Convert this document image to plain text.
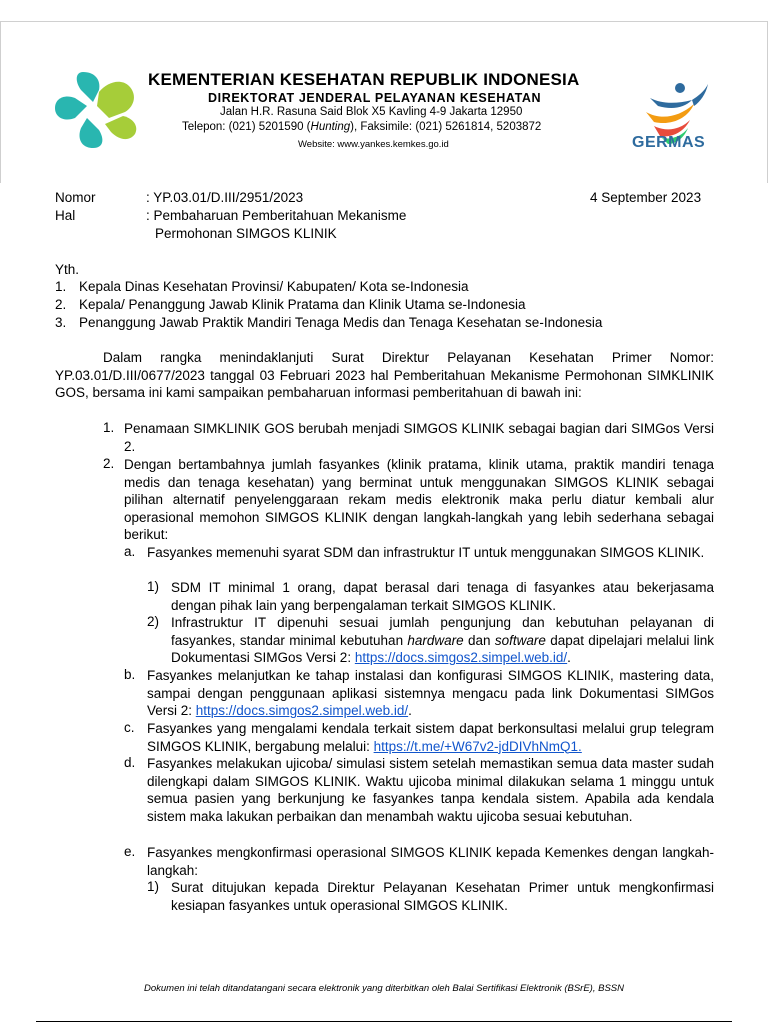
KEMENTERIAN KESEHATAN REPUBLIK INDONESIA
DIREKTORAT JENDERAL PELAYANAN KESEHATAN
Jalan H.R. Rasuna Said Blok X5 Kavling 4-9 Jakarta 12950
Telepon: (021) 5201590 (Hunting), Faksimile: (021) 5261814, 5203872
Website: www.yankes.kemkes.go.id	GERMAS
Nomor	: YP.03.01/D.III/2951/2023	4 September 2023
Hal	: Pembaharuan Pemberitahuan Mekanisme
Permohonan SIMGOS KLINIK
Yth.
1. Kepala Dinas Kesehatan Provinsi/ Kabupaten/ Kota se-Indonesia
2. Kepala/ Penanggung Jawab Klinik Pratama dan Klinik Utama se-Indonesia
3. Penanggung Jawab Praktik Mandiri Tenaga Medis dan Tenaga Kesehatan se-Indonesia
Dalam rangka menindaklanjuti Surat Direktur Pelayanan Kesehatan Primer Nomor: YP.03.01/D.III/0677/2023 tanggal 03 Februari 2023 hal Pemberitahuan Mekanisme Permohonan SIMKLINIK GOS, bersama ini kami sampaikan pembaharuan informasi pemberitahuan di bawah ini:
1. Penamaan SIMKLINIK GOS berubah menjadi SIMGOS KLINIK sebagai bagian dari SIMGos Versi 2.
2. Dengan bertambahnya jumlah fasyankes (klinik pratama, klinik utama, praktik mandiri tenaga medis dan tenaga kesehatan) yang berminat untuk menggunakan SIMGOS KLINIK sebagai pilihan alternatif penyelenggaraan rekam medis elektronik maka perlu diatur kembali alur operasional memohon SIMGOS KLINIK dengan langkah-langkah yang lebih sederhana sebagai berikut:
a. Fasyankes memenuhi syarat SDM dan infrastruktur IT untuk menggunakan SIMGOS KLINIK.
1) SDM IT minimal 1 orang, dapat berasal dari tenaga di fasyankes atau bekerjasama dengan pihak lain yang berpengalaman terkait SIMGOS KLINIK.
2) Infrastruktur IT dipenuhi sesuai jumlah pengunjung dan kebutuhan pelayanan di fasyankes, standar minimal kebutuhan hardware dan software dapat dipelajari melalui link Dokumentasi SIMGos Versi 2: https://docs.simgos2.simpel.web.id/.
b. Fasyankes melanjutkan ke tahap instalasi dan konfigurasi SIMGOS KLINIK, mastering data, sampai dengan penggunaan aplikasi sistemnya mengacu pada link Dokumentasi SIMGos Versi 2: https://docs.simgos2.simpel.web.id/.
c. Fasyankes yang mengalami kendala terkait sistem dapat berkonsultasi melalui grup telegram SIMGOS KLINIK, bergabung melalui: https://t.me/+W67v2-jdDIVhNmQ1.
d. Fasyankes melakukan ujicoba/ simulasi sistem setelah memastikan semua data master sudah dilengkapi dalam SIMGOS KLINIK. Waktu ujicoba minimal dilakukan selama 1 minggu untuk semua pasien yang berkunjung ke fasyankes tanpa kendala sistem. Apabila ada kendala sistem maka lakukan perbaikan dan menambah waktu ujicoba sesuai kebutuhan.
e. Fasyankes mengkonfirmasi operasional SIMGOS KLINIK kepada Kemenkes dengan langkah-langkah:
1) Surat ditujukan kepada Direktur Pelayanan Kesehatan Primer untuk mengkonfirmasi kesiapan fasyankes untuk operasional SIMGOS KLINIK.
Dokumen ini telah ditandatangani secara elektronik yang diterbitkan oleh Balai Sertifikasi Elektronik (BSrE), BSSN
